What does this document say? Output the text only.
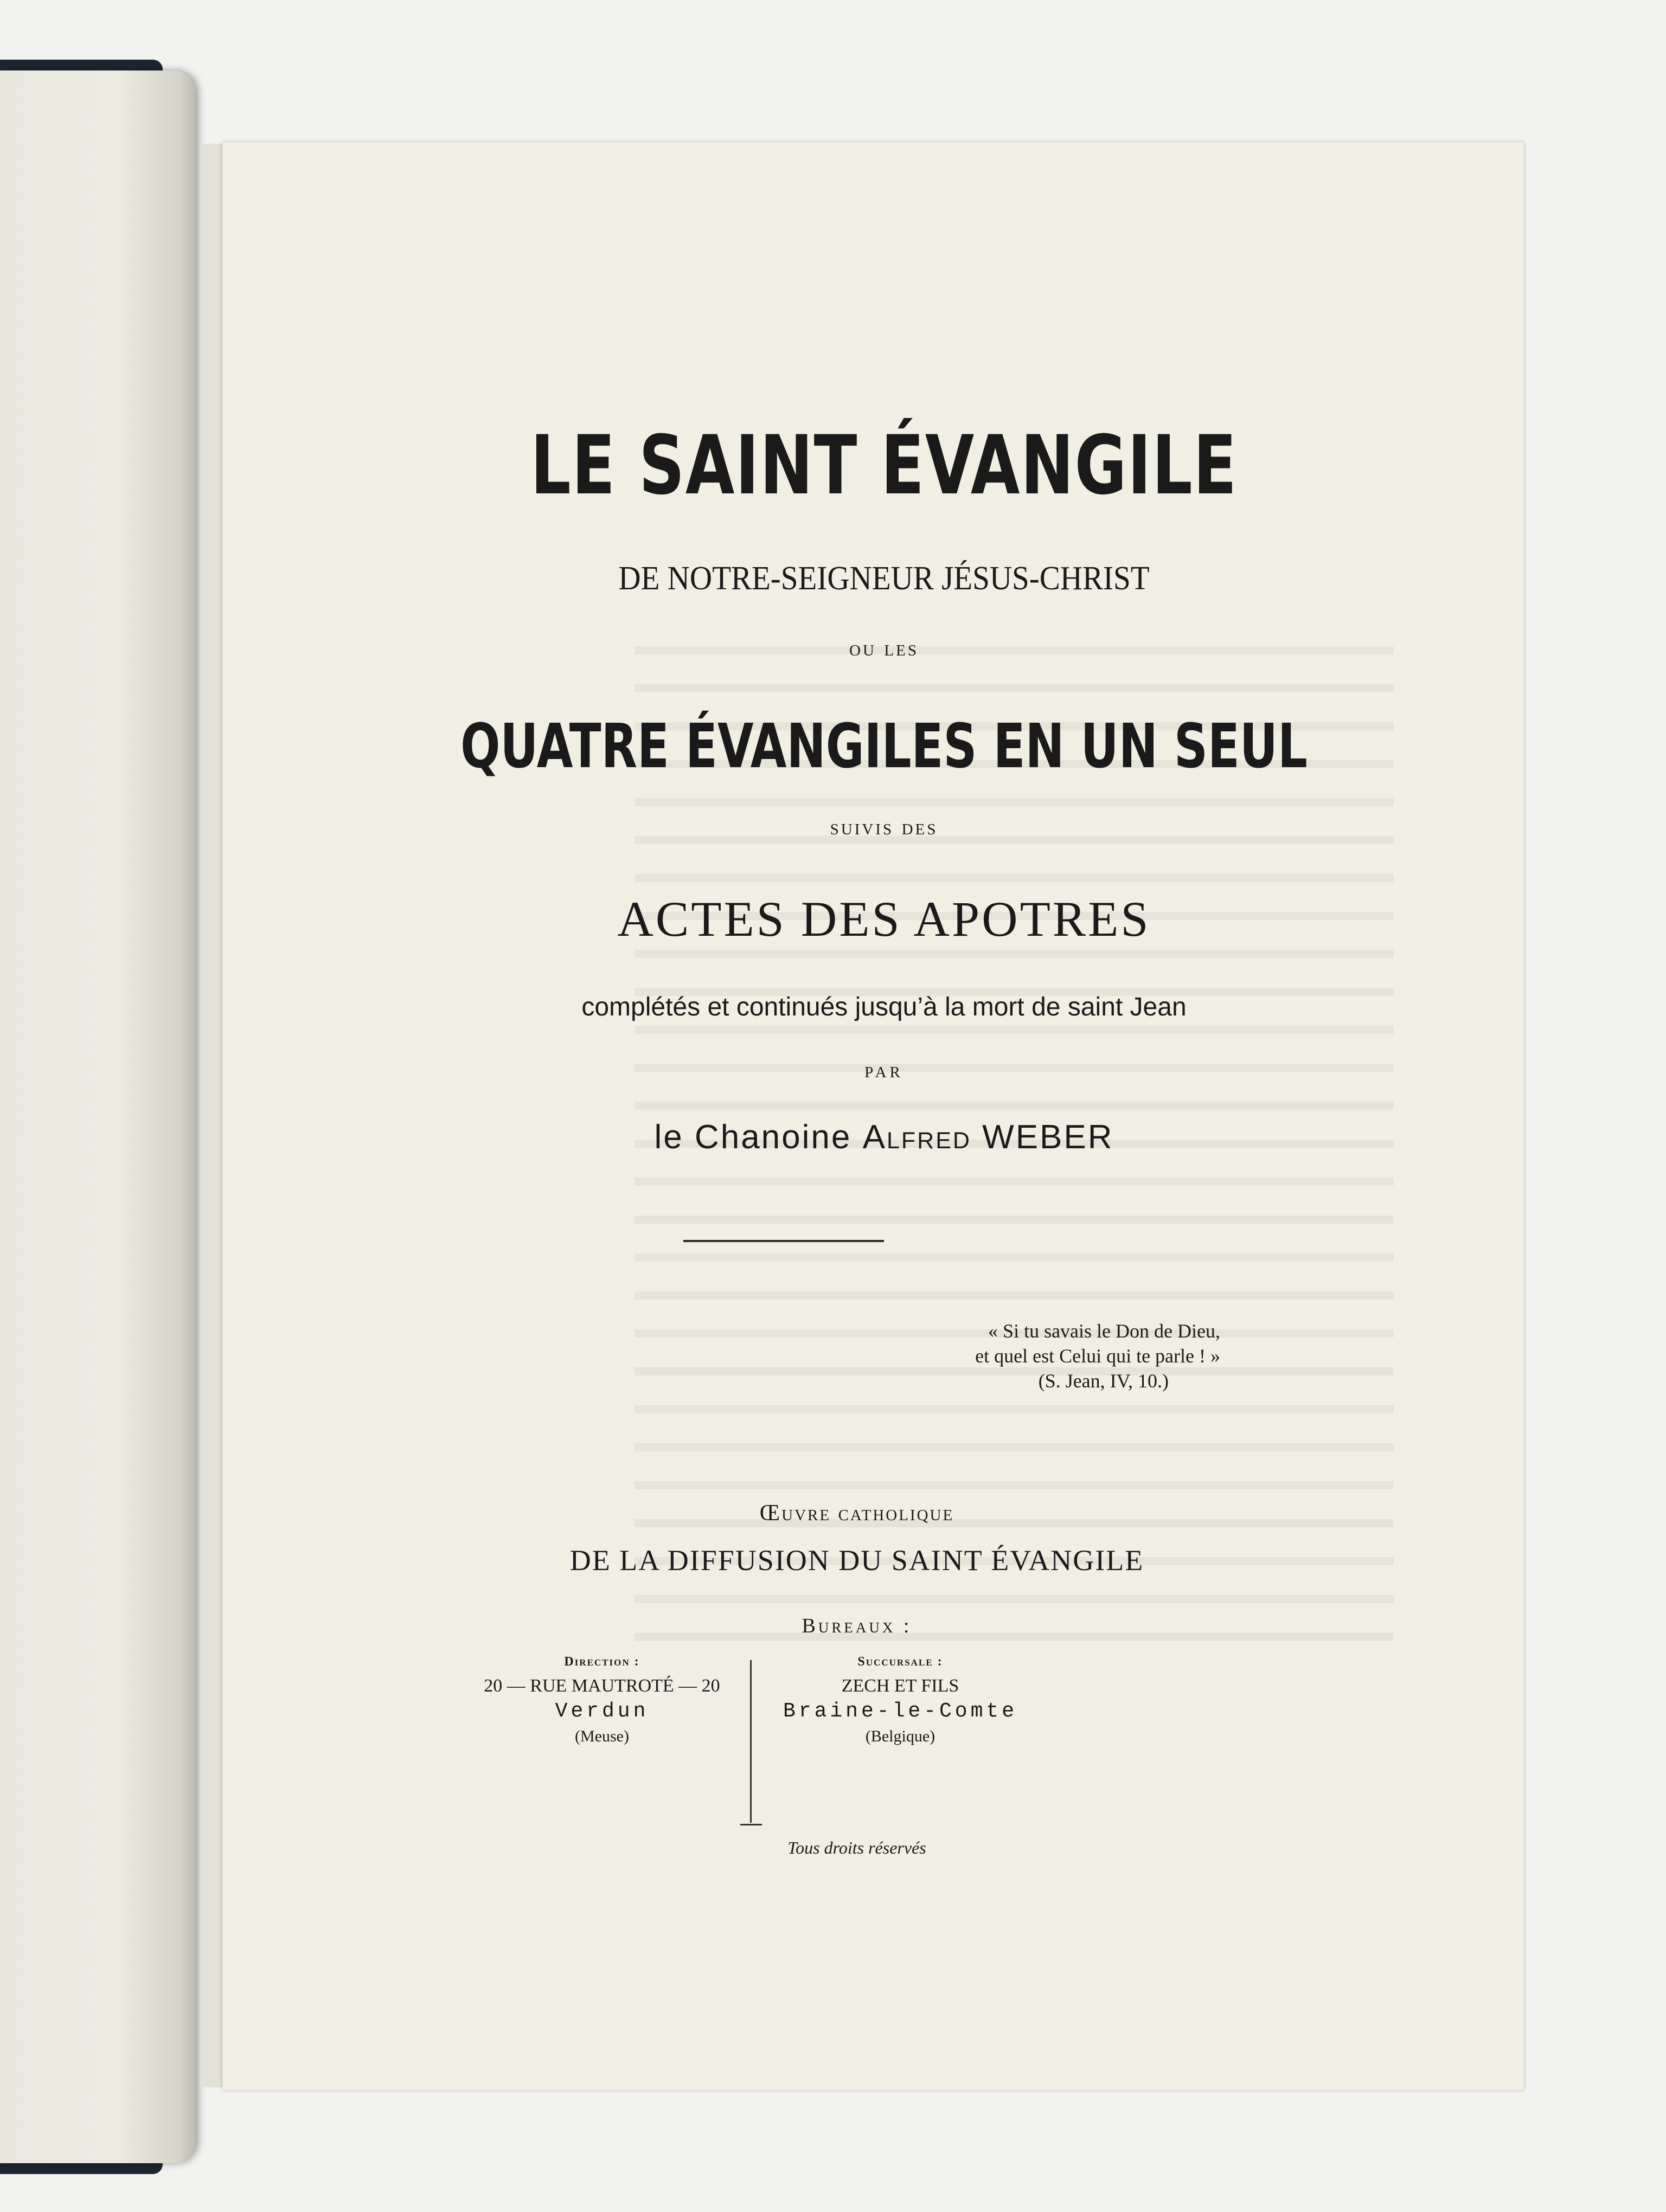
LE SAINT ÉVANGILE
DE NOTRE-SEIGNEUR JÉSUS-CHRIST
ou les
QUATRE ÉVANGILES EN UN SEUL
suivis des
ACTES DES APOTRES
complétés et continués jusqu’à la mort de saint Jean
par
le Chanoine Alfred WEBER
« Si tu savais le Don de Dieu,
et quel est Celui qui te parle ! »
(S. Jean, IV, 10.)
Œuvre catholique
DE LA DIFFUSION DU SAINT ÉVANGILE
Bureaux :
Direction :
20 — RUE MAUTROTÉ — 20
Verdun
(Meuse)
Succursale :
ZECH ET FILS
Braine-le-Comte
(Belgique)
Tous droits réservés
